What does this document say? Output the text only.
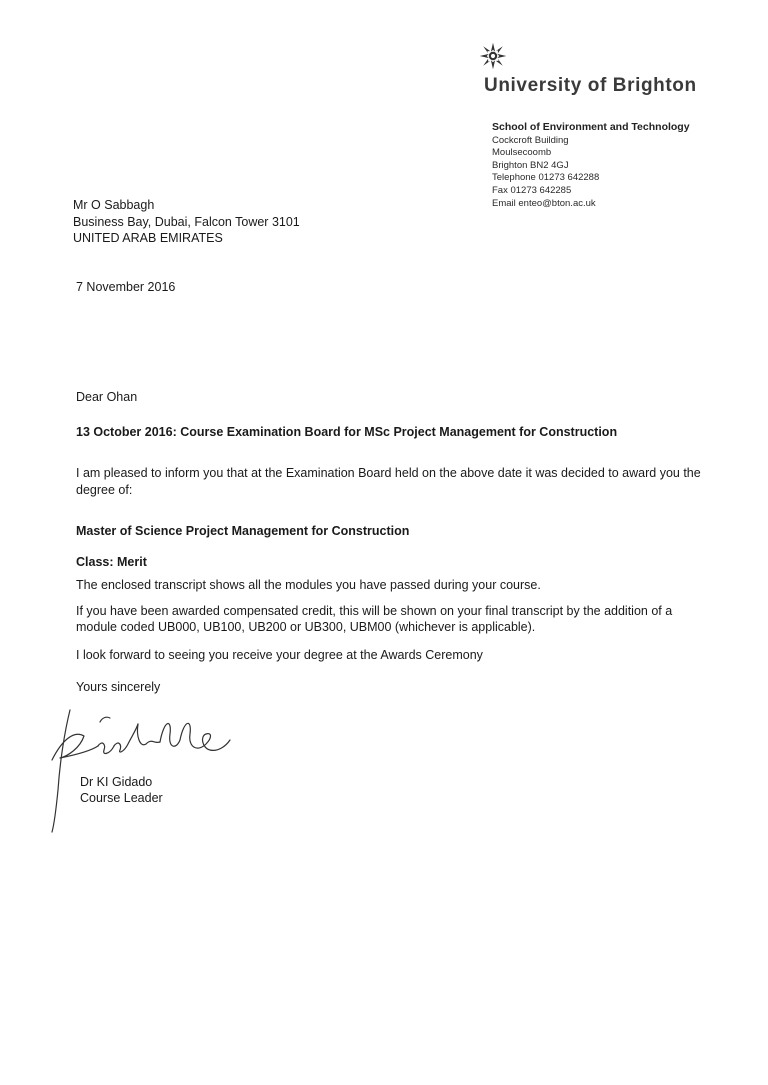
University of Brighton
School of Environment and Technology
Cockcroft Building
Moulsecoomb
Brighton BN2 4GJ
Telephone 01273 642288
Fax 01273 642285
Email enteo@bton.ac.uk
Mr O Sabbagh
Business Bay, Dubai, Falcon Tower 3101
UNITED ARAB EMIRATES
7 November 2016
Dear Ohan
13 October 2016: Course Examination Board for MSc Project Management for Construction
I am pleased to inform you that at the Examination Board held on the above date it was decided to award you the degree of:
Master of Science Project Management for Construction
Class: Merit
The enclosed transcript shows all the modules you have passed during your course.
If you have been awarded compensated credit, this will be shown on your final transcript by the addition of a
module coded UB000, UB100, UB200 or UB300, UBM00 (whichever is applicable).
I look forward to seeing you receive your degree at the Awards Ceremony
Yours sincerely
Dr KI Gidado
Course Leader
